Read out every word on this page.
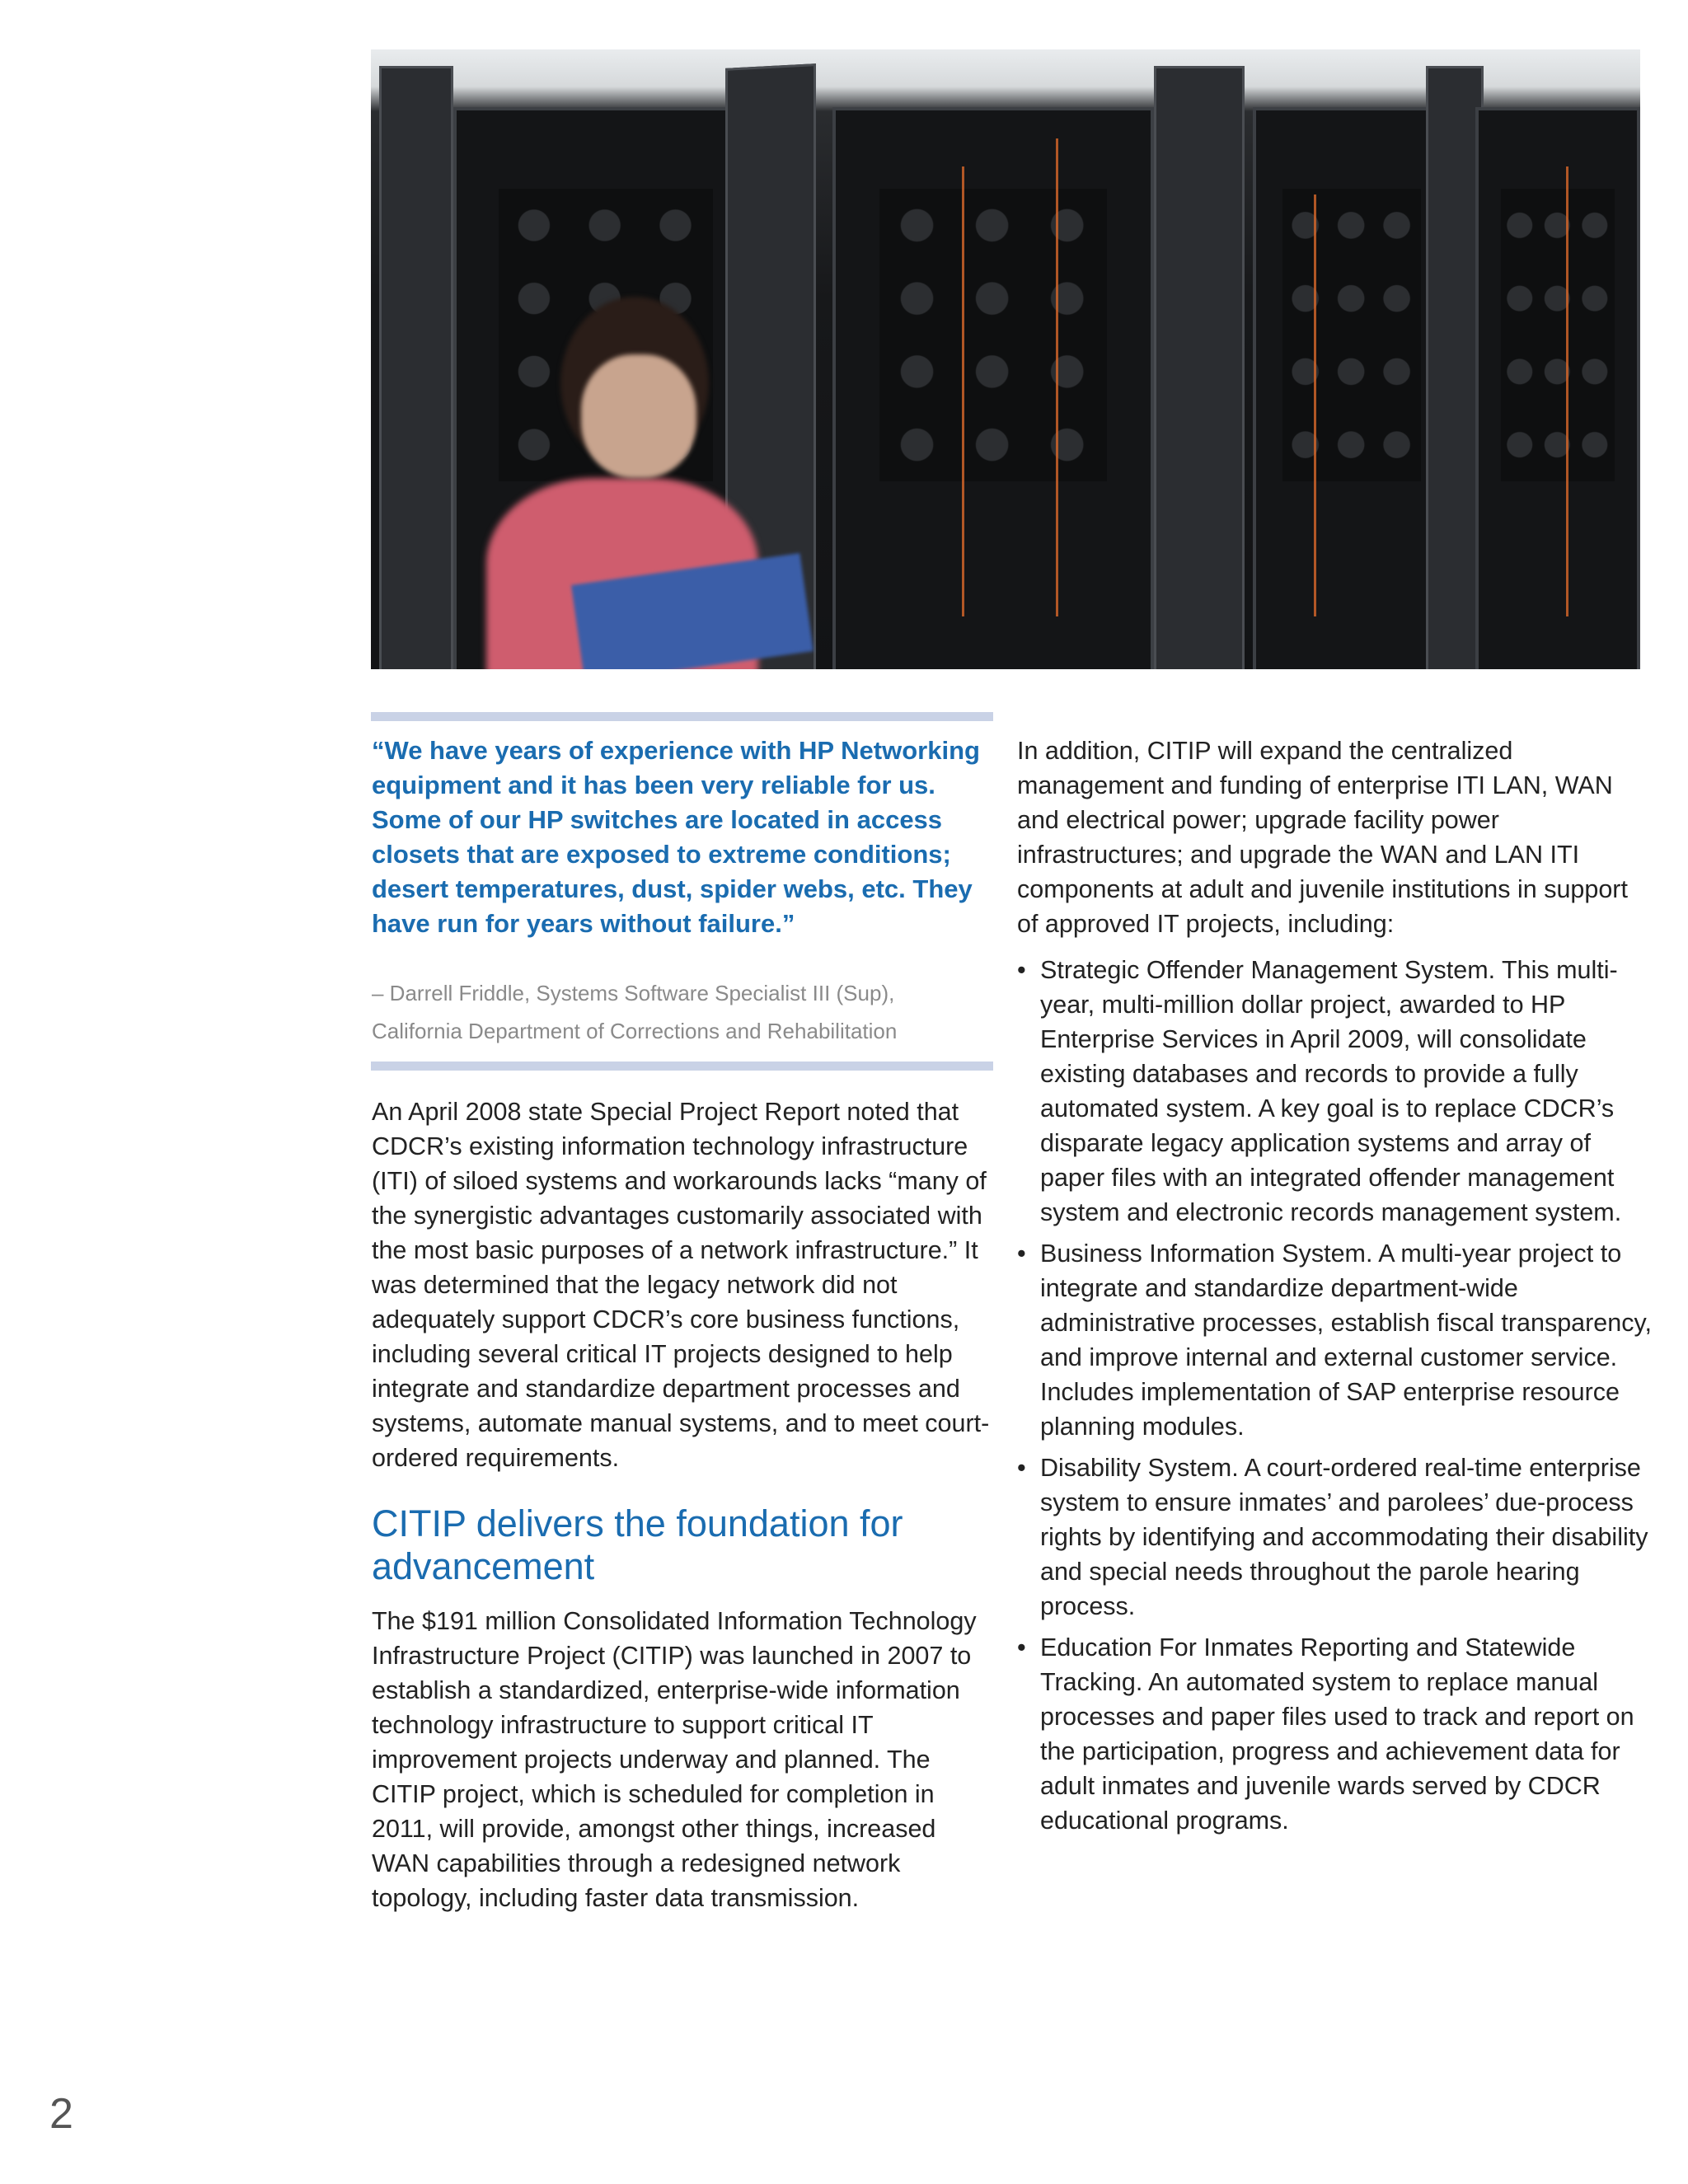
“We have years of experience with HP Networking equipment and it has been very reliable for us. Some of our HP switches are located in access closets that are exposed to extreme conditions; desert temperatures, dust, spider webs, etc. They have run for years without failure.”

– Darrell Friddle, Systems Software Specialist III (Sup),
California Department of Corrections and Rehabilitation

An April 2008 state Special Project Report noted that CDCR’s existing information technology infrastructure (ITI) of siloed systems and workarounds lacks “many of the synergistic advantages customarily associated with the most basic purposes of a network infrastructure.” It was determined that the legacy network did not adequately support CDCR’s core business functions, including several critical IT projects designed to help integrate and standardize department processes and systems, automate manual systems, and to meet court-ordered requirements.

CITIP delivers the foundation for advancement

The $191 million Consolidated Information Technology Infrastructure Project (CITIP) was launched in 2007 to establish a standardized, enterprise-wide information technology infrastructure to support critical IT improvement projects underway and planned. The CITIP project, which is scheduled for completion in 2011, will provide, amongst other things, increased WAN capabilities through a redesigned network topology, including faster data transmission.

In addition, CITIP will expand the centralized management and funding of enterprise ITI LAN, WAN and electrical power; upgrade facility power infrastructures; and upgrade the WAN and LAN ITI components at adult and juvenile institutions in support of approved IT projects, including:

• Strategic Offender Management System. This multi-year, multi-million dollar project, awarded to HP Enterprise Services in April 2009, will consolidate existing databases and records to provide a fully automated system. A key goal is to replace CDCR’s disparate legacy application systems and array of paper files with an integrated offender management system and electronic records management system.
• Business Information System. A multi-year project to integrate and standardize department-wide administrative processes, establish fiscal transparency, and improve internal and external customer service. Includes implementation of SAP enterprise resource planning modules.
• Disability System. A court-ordered real-time enterprise system to ensure inmates’ and parolees’ due-process rights by identifying and accommodating their disability and special needs throughout the parole hearing process.
• Education For Inmates Reporting and Statewide Tracking. An automated system to replace manual processes and paper files used to track and report on the participation, progress and achievement data for adult inmates and juvenile wards served by CDCR educational programs.
2
